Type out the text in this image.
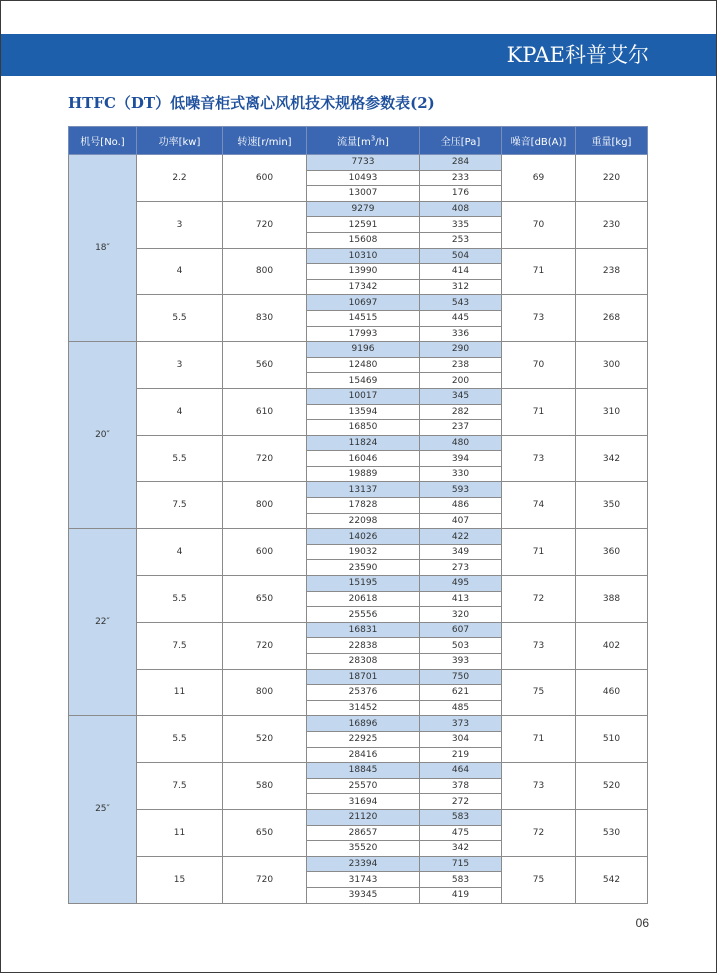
KPAE科普艾尔
HTFC（DT）低噪音柜式离心风机技术规格参数表(2)
机号[No.]	功率[kw]	转速[r/min]	流量$[m^3/h]$	全压[Pa]	噪音[dB(A)]	重量[kg]
18″	2.2	600	7733	284	69	220
			10493	233		
			13007	176		
	3	720	9279	408	70	230
			12591	335		
			15608	253		
	4	800	10310	504	71	238
			13990	414		
			17342	312		
	5.5	830	10697	543	73	268
			14515	445		
			17993	336		
20″	3	560	9196	290	70	300
			12480	238		
			15469	200		
	4	610	10017	345	71	310
			13594	282		
			16850	237		
	5.5	720	11824	480	73	342
			16046	394		
			19889	330		
	7.5	800	13137	593	74	350
			17828	486		
			22098	407		
22″	4	600	14026	422	71	360
			19032	349		
			23590	273		
	5.5	650	15195	495	72	388
			20618	413		
			25556	320		
	7.5	720	16831	607	73	402
			22838	503		
			28308	393		
	11	800	18701	750	75	460
			25376	621		
			31452	485		
25″	5.5	520	16896	373	71	510
			22925	304		
			28416	219		
	7.5	580	18845	464	73	520
			25570	378		
			31694	272		
	11	650	21120	583	72	530
			28657	475		
			35520	342		
	15	720	23394	715	75	542
			31743	583		
			39345	419		
06
